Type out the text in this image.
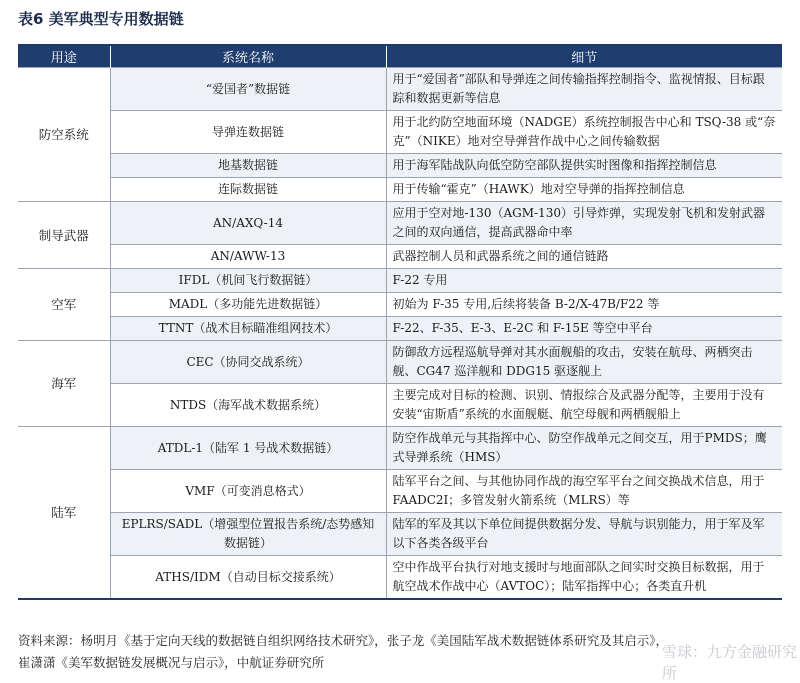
表6 美军典型专用数据链
用途	系统名称	细节
防空系统	“爱国者”数据链	用于“爱国者”部队和导弹连之间传输指挥控制指令、监视情报、目标跟踪和数据更新等信息
	导弹连数据链	用于北约防空地面环境（NADGE）系统控制报告中心和 TSQ-38 或“奈克”（NIKE）地对空导弹营作战中心之间传输数据
	地基数据链	用于海军陆战队向低空防空部队提供实时图像和指挥控制信息
	连际数据链	用于传输“霍克”（HAWK）地对空导弹的指挥控制信息
制导武器	AN/AXQ-14	应用于空对地-130（AGM-130）引导炸弹，实现发射飞机和发射武器之间的双向通信，提高武器命中率
	AN/AWW-13	武器控制人员和武器系统之间的通信链路
空军	IFDL（机间飞行数据链）	F-22 专用
	MADL（多功能先进数据链）	初始为 F-35 专用,后续将装备 B-2/X-47B/F22 等
	TTNT（战术目标瞄准组网技术）	F-22、F-35、E-3、E-2C 和 F-15E 等空中平台
海军	CEC（协同交战系统）	防御敌方远程巡航导弹对其水面舰船的攻击，安装在航母、两栖突击舰、CG47 巡洋舰和 DDG15 驱逐舰上
	NTDS（海军战术数据系统）	主要完成对目标的检测、识别、情报综合及武器分配等，主要用于没有安装“宙斯盾”系统的水面舰艇、航空母舰和两栖舰船上
陆军	ATDL-1（陆军 1 号战术数据链）	防空作战单元与其指挥中心、防空作战单元之间交互，用于PMDS；鹰式导弹系统（HMS）
	VMF（可变消息格式）	陆军平台之间、与其他协同作战的海空军平台之间交换战术信息，用于 FAADC2I；多管发射火箭系统（MLRS）等
	EPLRS/SADL（增强型位置报告系统/态势感知数据链）	陆军的军及其以下单位间提供数据分发、导航与识别能力，用于军及军以下各类各级平台
	ATHS/IDM（自动目标交接系统）	空中作战平台执行对地支援时与地面部队之间实时交换目标数据，用于航空战术作战中心（AVTOC）；陆军指挥中心；各类直升机
资料来源：杨明月《基于定向天线的数据链自组织网络技术研究》，张子龙《美国陆军战术数据链体系研究及其启示》，
崔潇潇《美军数据链发展概况与启示》，中航证券研究所
雪球：九方金融研究所
